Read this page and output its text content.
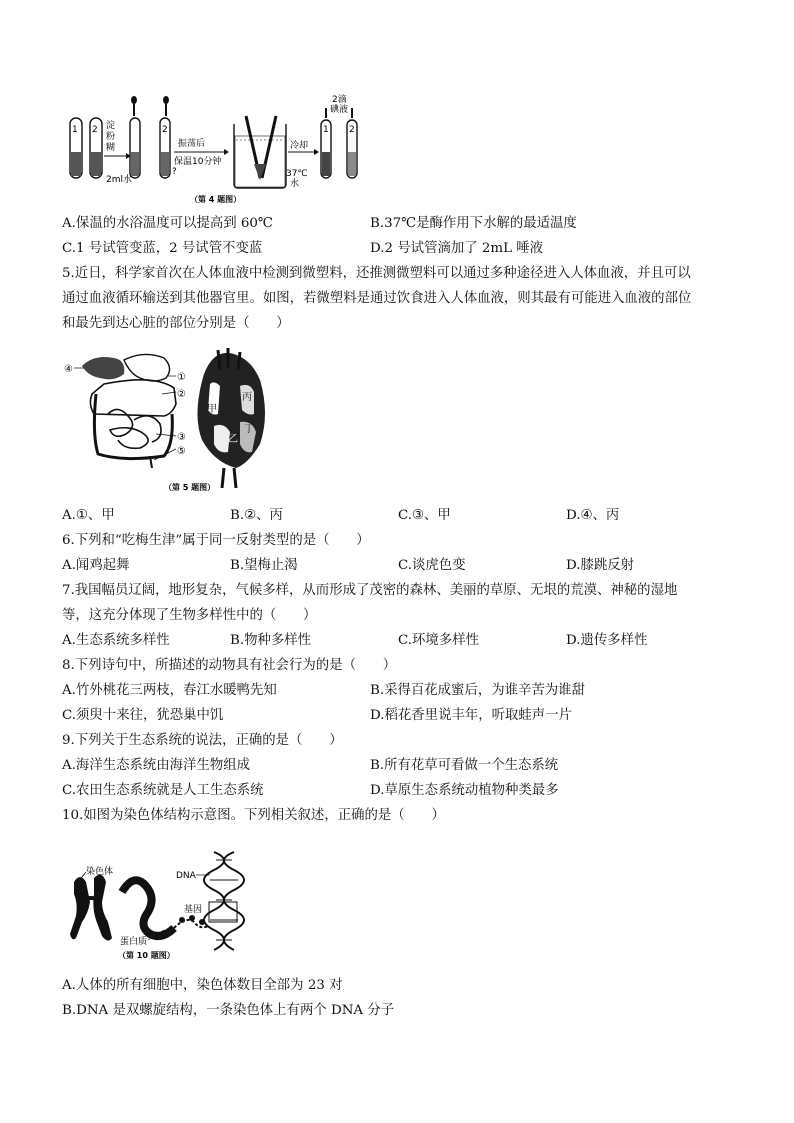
1 2 淀
粉
糊
2
2ml水
振荡后
保温10分钟
?
冷却
37℃
水
2滴
碘液
1 2
（第 4 题图）
A.保温的水浴温度可以提高到 60℃	B.37℃是酶作用下水解的最适温度
C.1 号试管变蓝，2 号试管不变蓝	D.2 号试管滴加了 2mL 唾液
5.近日，科学家首次在人体血液中检测到微塑料，还推测微塑料可以通过多种途径进入人体血液，并且可以
通过血液循环输送到其他器官里。如图，若微塑料是通过饮食进入人体血液，则其最有可能进入血液的部位
和最先到达心脏的部位分别是（　　）
①
②
③
⑤
④
甲
乙
丙
丁
（第 5 题图）
A.①、甲	B.②、丙	C.③、甲	D.④、丙
6.下列和“吃梅生津”属于同一反射类型的是（　　）
A.闻鸡起舞	B.望梅止渴	C.谈虎色变	D.膝跳反射
7.我国幅员辽阔，地形复杂，气候多样，从而形成了茂密的森林、美丽的草原、无垠的荒漠、神秘的湿地
等，这充分体现了生物多样性中的（　　）
A.生态系统多样性	B.物种多样性	C.环境多样性	D.遗传多样性
8.下列诗句中，所描述的动物具有社会行为的是（　　）
A.竹外桃花三两枝，春江水暖鸭先知	B.采得百花成蜜后，为谁辛苦为谁甜
C.须臾十来往，犹恐巢中饥	D.稻花香里说丰年，听取蛙声一片
9.下列关于生态系统的说法，正确的是（　　）
A.海洋生态系统由海洋生物组成	B.所有花草可看做一个生态系统
C.农田生态系统就是人工生态系统	D.草原生态系统动植物种类最多
10.如图为染色体结构示意图。下列相关叙述，正确的是（　　）
染色体	DNA
基因
蛋白质
（第 10 题图）
A.人体的所有细胞中，染色体数目全部为 23 对
B.DNA 是双螺旋结构，一条染色体上有两个 DNA 分子
